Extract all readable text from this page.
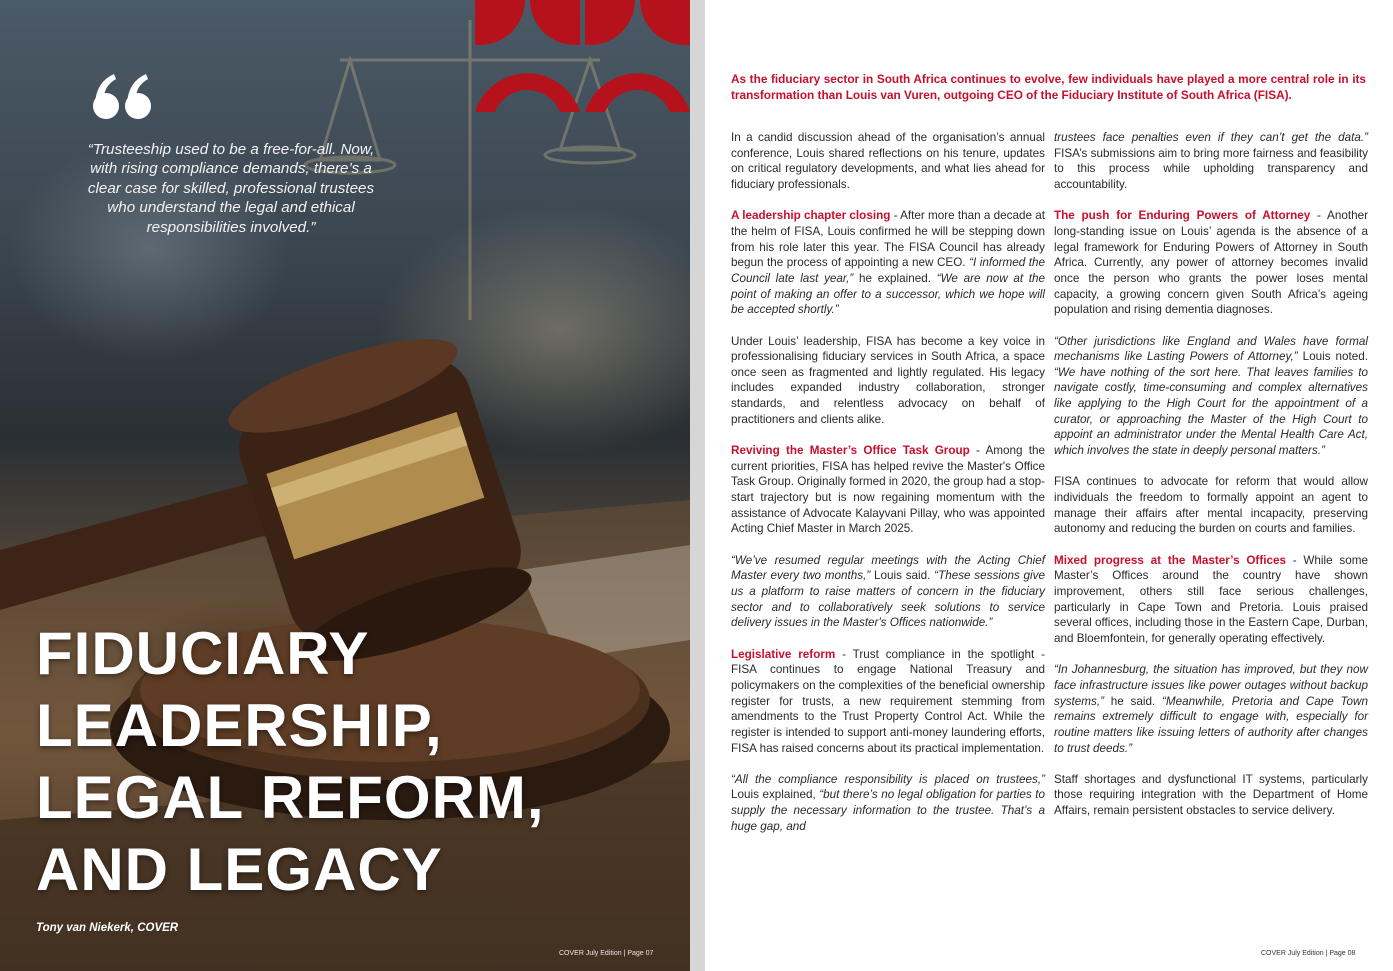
“Trusteeship used to be a free-for-all. Now, with rising compliance demands, there’s a clear case for skilled, professional trustees who understand the legal and ethical responsibilities involved.”
FIDUCIARY
LEADERSHIP,
LEGAL REFORM,
AND LEGACY
Tony van Niekerk, COVER
COVER July Edition | Page 07
As the fiduciary sector in South Africa continues to evolve, few individuals have played a more central role in its transformation than Louis van Vuren, outgoing CEO of the Fiduciary Institute of South Africa (FISA).

In a candid discussion ahead of the organisation’s annual conference, Louis shared reflections on his tenure, updates on critical regulatory developments, and what lies ahead for fiduciary professionals.

A leadership chapter closing - After more than a decade at the helm of FISA, Louis confirmed he will be stepping down from his role later this year. The FISA Council has already begun the process of appointing a new CEO. “I informed the Council late last year,” he explained. “We are now at the point of making an offer to a successor, which we hope will be accepted shortly.”

Under Louis’ leadership, FISA has become a key voice in professionalising fiduciary services in South Africa, a space once seen as fragmented and lightly regulated. His legacy includes expanded industry collaboration, stronger standards, and relentless advocacy on behalf of practitioners and clients alike.

Reviving the Master’s Office Task Group - Among the current priorities, FISA has helped revive the Master's Office Task Group. Originally formed in 2020, the group had a stop-start trajectory but is now regaining momentum with the assistance of Advocate Kalayvani Pillay, who was appointed Acting Chief Master in March 2025.

“We’ve resumed regular meetings with the Acting Chief Master every two months,” Louis said. “These sessions give us a platform to raise matters of concern in the fiduciary sector and to collaboratively seek solutions to service delivery issues in the Master's Offices nationwide.”

Legislative reform - Trust compliance in the spotlight - FISA continues to engage National Treasury and policymakers on the complexities of the beneficial ownership register for trusts, a new requirement stemming from amendments to the Trust Property Control Act. While the register is intended to support anti-money laundering efforts, FISA has raised concerns about its practical implementation.

“All the compliance responsibility is placed on trustees,” Louis explained, “but there’s no legal obligation for parties to supply the necessary information to the trustee. That’s a huge gap, and

trustees face penalties even if they can’t get the data.” FISA’s submissions aim to bring more fairness and feasibility to this process while upholding transparency and accountability.

The push for Enduring Powers of Attorney - Another long-standing issue on Louis’ agenda is the absence of a legal framework for Enduring Powers of Attorney in South Africa. Currently, any power of attorney becomes invalid once the person who grants the power loses mental capacity, a growing concern given South Africa’s ageing population and rising dementia diagnoses.

“Other jurisdictions like England and Wales have formal mechanisms like Lasting Powers of Attorney,” Louis noted. “We have nothing of the sort here. That leaves families to navigate costly, time-consuming and complex alternatives like applying to the High Court for the appointment of a curator, or approaching the Master of the High Court to appoint an administrator under the Mental Health Care Act, which involves the state in deeply personal matters.”

FISA continues to advocate for reform that would allow individuals the freedom to formally appoint an agent to manage their affairs after mental incapacity, preserving autonomy and reducing the burden on courts and families.

Mixed progress at the Master’s Offices - While some Master’s Offices around the country have shown improvement, others still face serious challenges, particularly in Cape Town and Pretoria. Louis praised several offices, including those in the Eastern Cape, Durban, and Bloemfontein, for generally operating effectively.

“In Johannesburg, the situation has improved, but they now face infrastructure issues like power outages without backup systems,” he said. “Meanwhile, Pretoria and Cape Town remains extremely difficult to engage with, especially for routine matters like issuing letters of authority after changes to trust deeds.”

Staff shortages and dysfunctional IT systems, particularly those requiring integration with the Department of Home Affairs, remain persistent obstacles to service delivery.

COVER July Edition | Page 08
